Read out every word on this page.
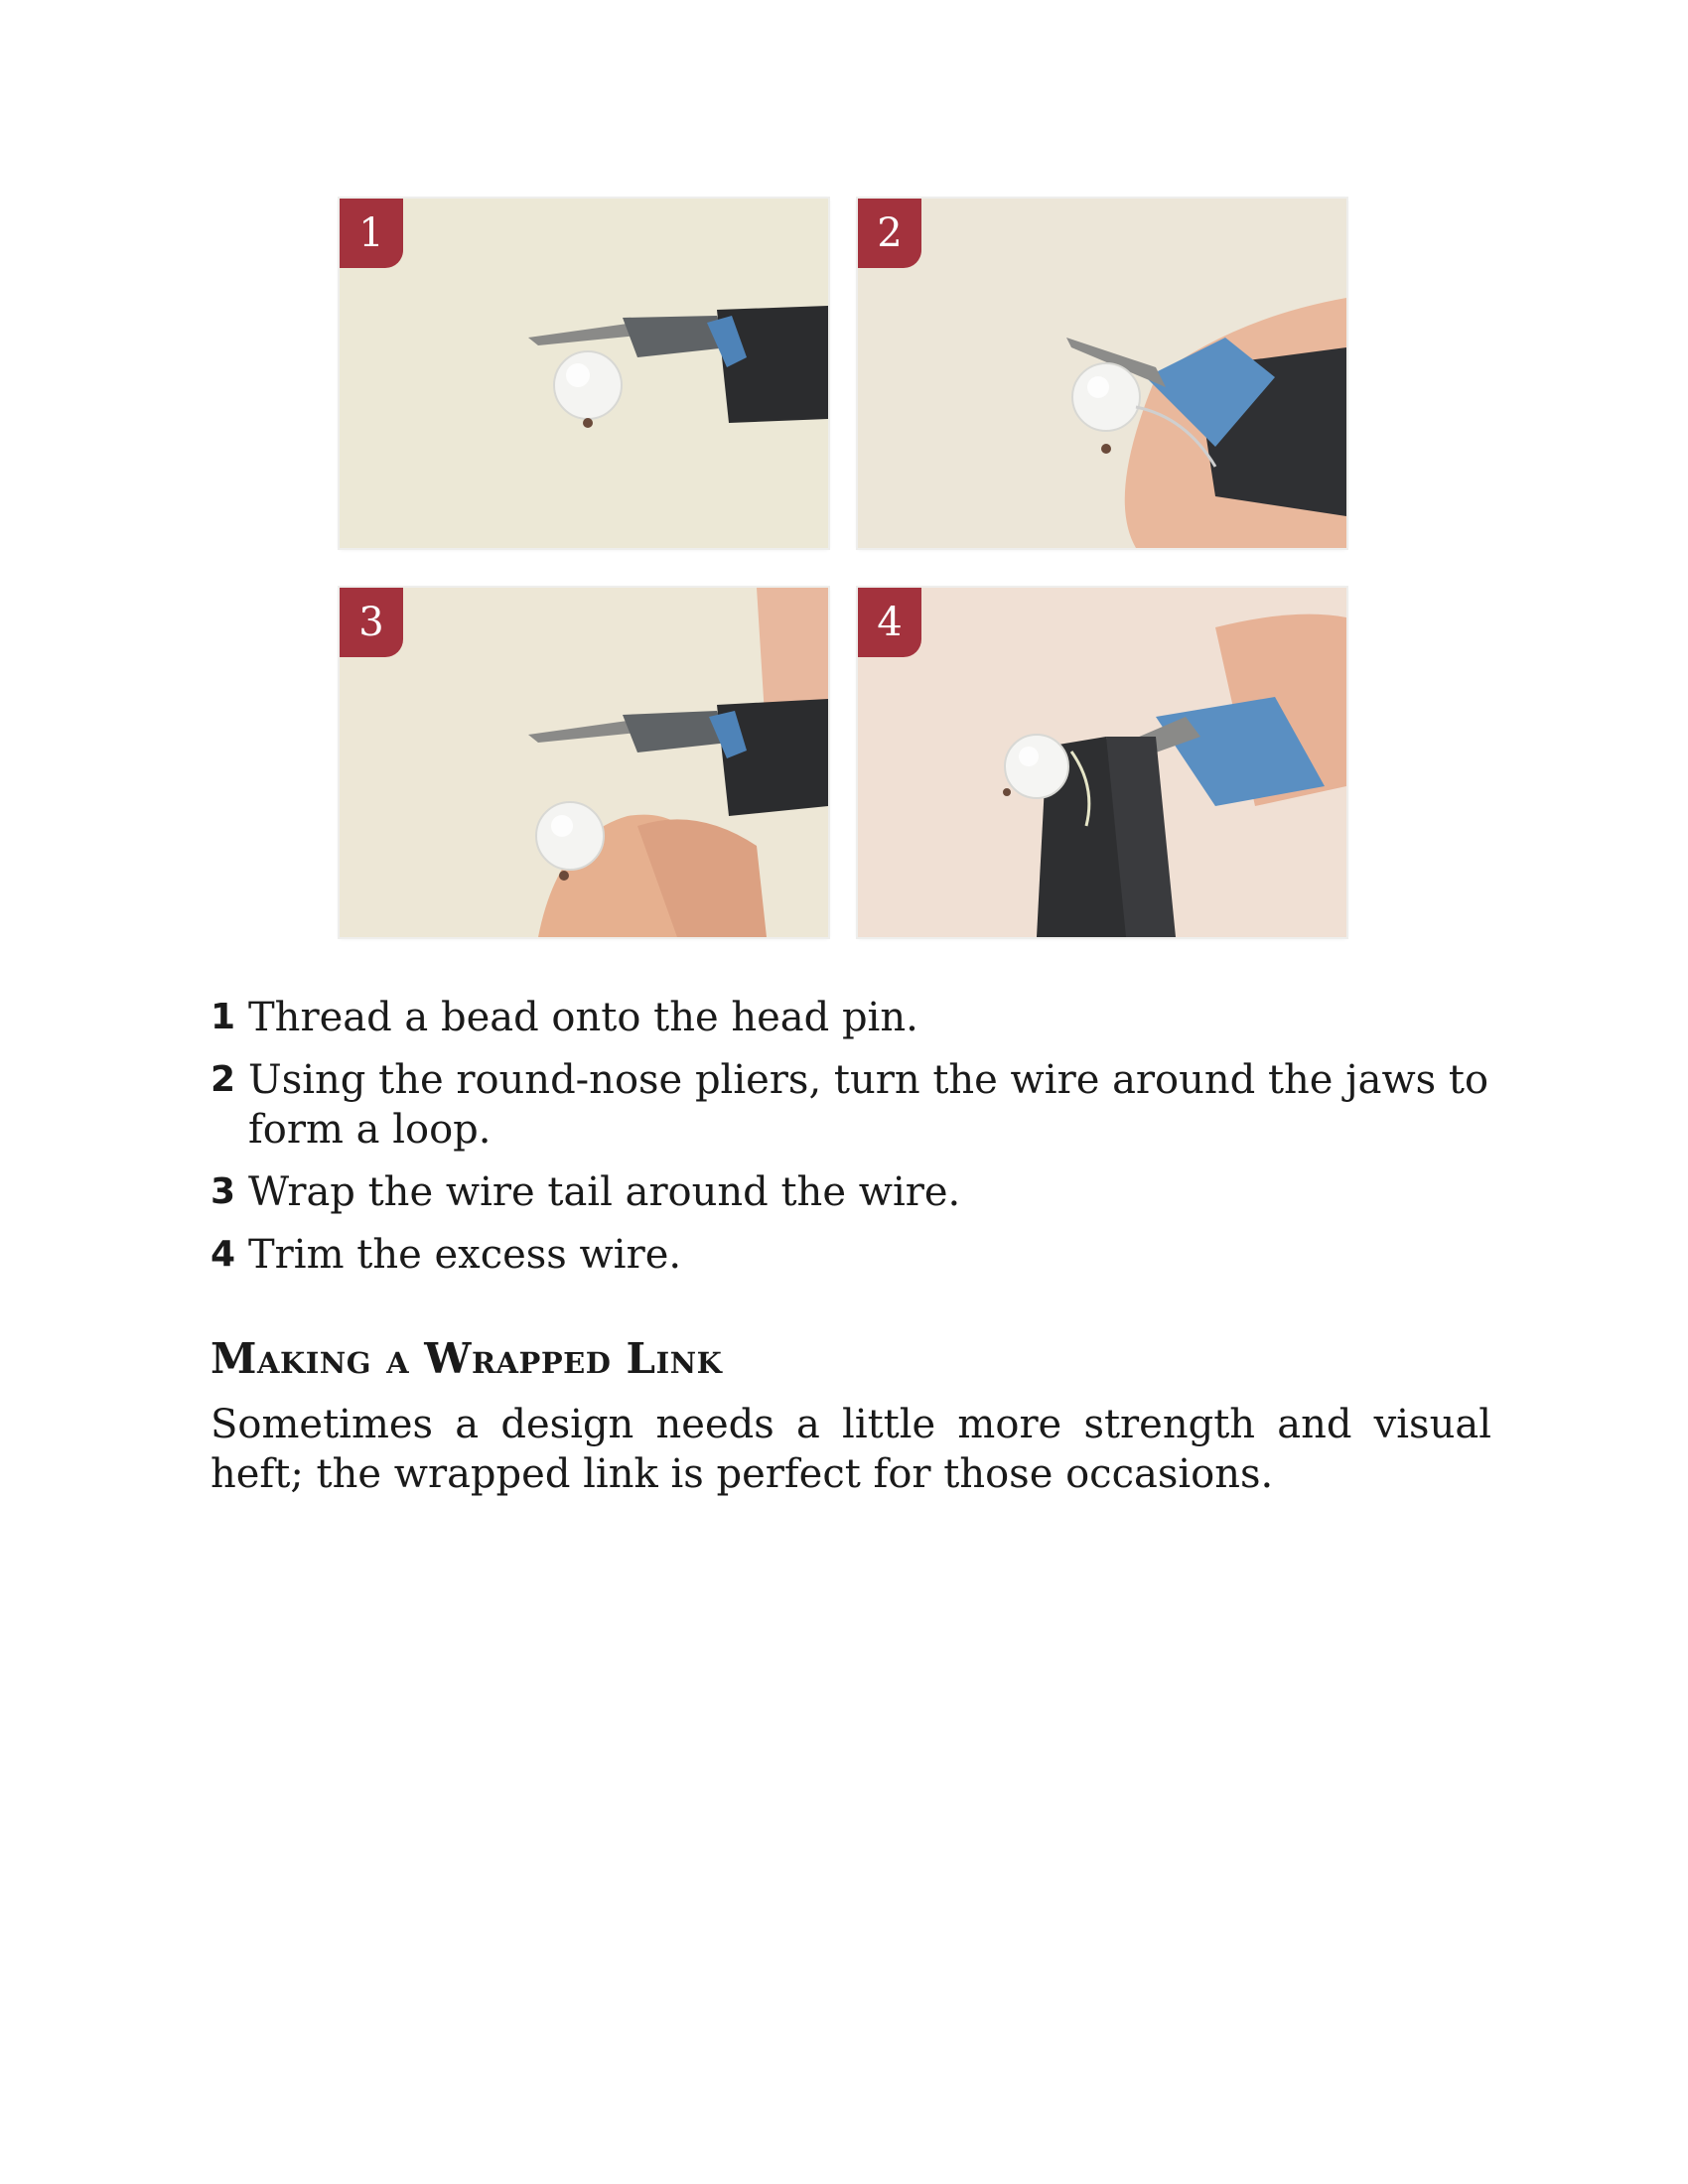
1	2
3	4
1 Thread a bead onto the head pin.
2 Using the round-nose pliers, turn the wire around the jaws to form a loop.
3 Wrap the wire tail around the wire.
4 Trim the excess wire.
Making a Wrapped Link

Sometimes a design needs a little more strength and visual heft; the wrapped link is perfect for those occasions.
